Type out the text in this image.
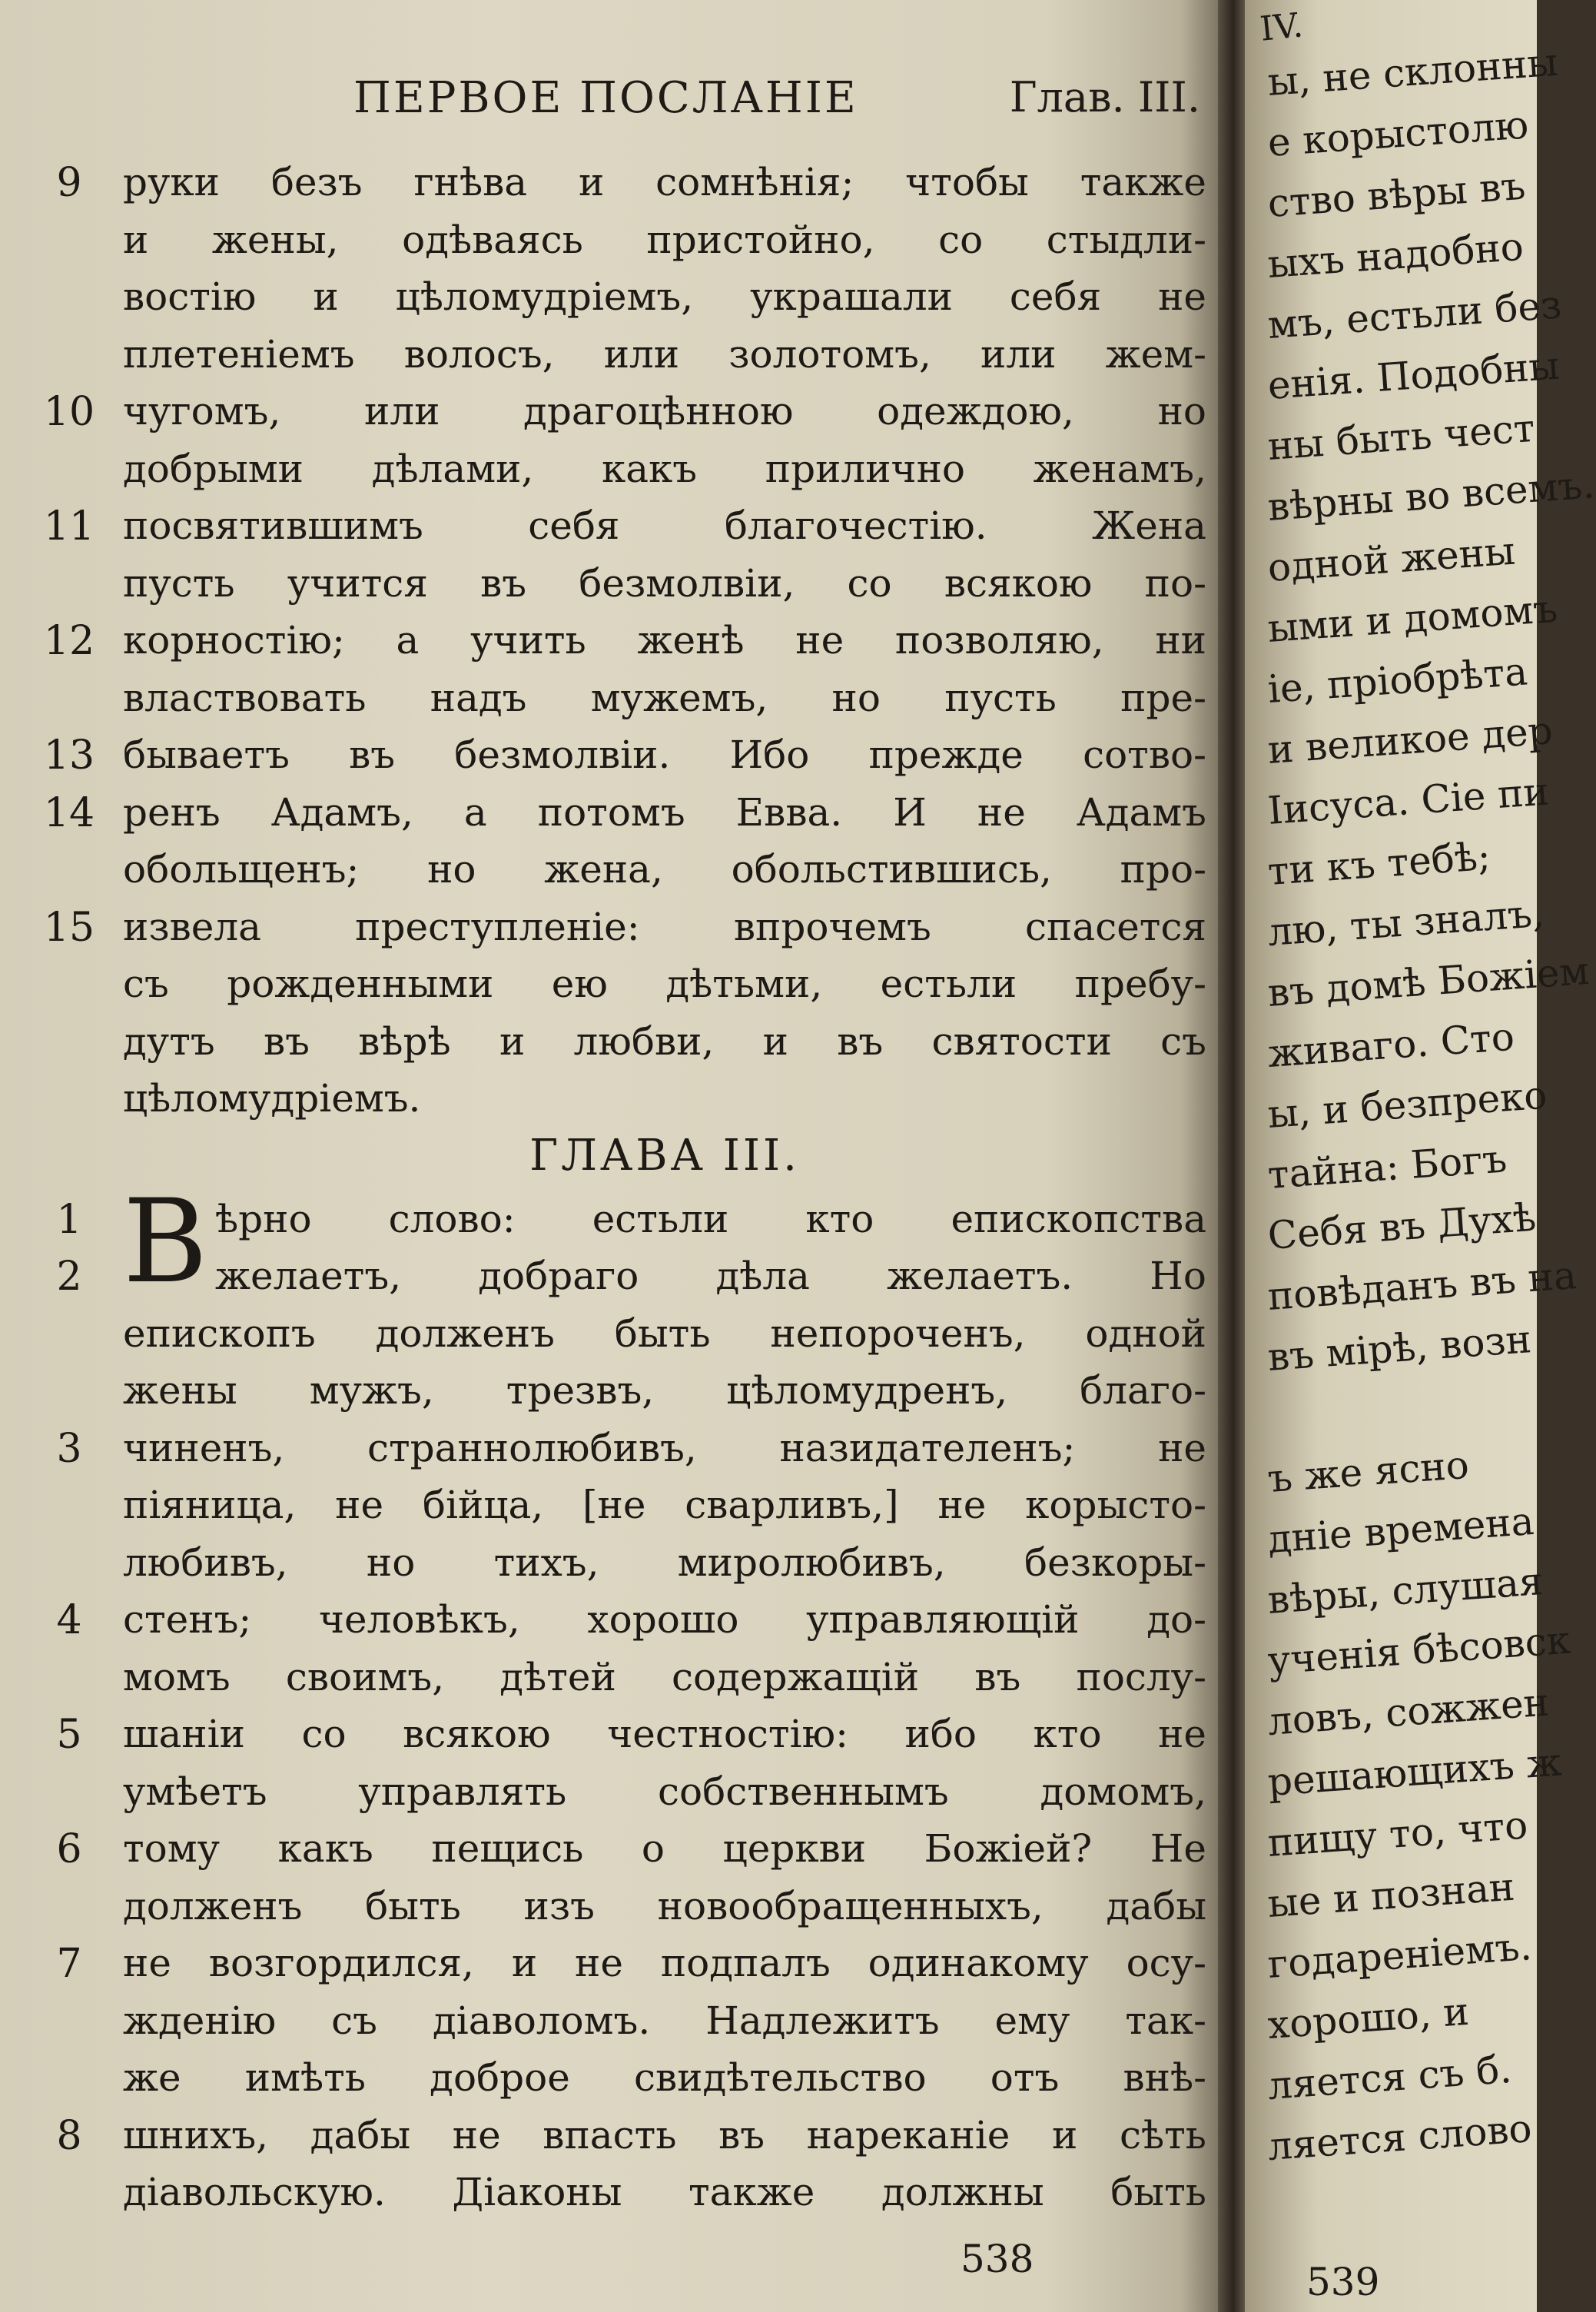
ПЕРВОЕ ПОСЛАНІЕ	Глав. III.
руки безъ гнѣва и сомнѣнія; чтобы также
и жены, одѣваясь пристойно, со стыдли-
востію и цѣломудріемъ, украшали себя не
плетеніемъ волосъ, или золотомъ, или жем-
чугомъ, или драгоцѣнною одеждою, но
добрыми дѣлами, какъ прилично женамъ,
посвятившимъ себя благочестію. Жена
пусть учится въ безмолвіи, со всякою по-
корностію; а учить женѣ не позволяю, ни
властвовать надъ мужемъ, но пусть пре-
бываетъ въ безмолвіи. Ибо прежде сотво-
ренъ Адамъ, а потомъ Евва. И не Адамъ
обольщенъ; но жена, обольстившись, про-
извела преступленіе: впрочемъ спасется
съ рожденными ею дѣтьми, естьли пребу-
дутъ въ вѣрѣ и любви, и въ святости съ
цѣломудріемъ.
9
10
11
12
13
14
15
ѣрно слово: естьли кто епископства
желаетъ, добраго дѣла желаетъ. Но
епископъ долженъ быть непороченъ, одной
жены мужъ, трезвъ, цѣломудренъ, благо-
чиненъ, страннолюбивъ, назидателенъ; не
піяница, не бійца, [не сварливъ,] не корысто-
любивъ, но тихъ, миролюбивъ, безкоры-
стенъ; человѣкъ, хорошо управляющій до-
момъ своимъ, дѣтей содержащій въ послу-
шаніи со всякою честностію: ибо кто не
умѣетъ управлять собственнымъ домомъ,
тому какъ пещись о церкви Божіей? Не
долженъ быть изъ новообращенныхъ, дабы
не возгордился, и не подпалъ одинакому осу-
жденію съ діаволомъ. Надлежитъ ему так-
же имѣть доброе свидѣтельство отъ внѣ-
шнихъ, дабы не впасть въ нареканіе и сѣть
діавольскую. Діаконы также должны быть
1
2
3
4
5
6
7
8
ГЛАВА III.
В
538
IV.
ы, не склонны
е корыстолю
ство вѣры въ
ыхъ надобно
мъ, естьли без
енія. Подобны
ны быть чест
вѣрны во всемъ.
одной жены
ыми и домомъ
ie, пріобрѣта
и великое дер
Іисуса. Сіе пи
ти къ тебѣ;
лю, ты зналъ,
въ домѣ Божіем
живаго. Сто
ы, и безпреко
тайна: Богъ
Себя въ Духѣ
повѣданъ въ на
въ мірѣ, возн
ъ же ясно
дніе времена
вѣры, слушая
ученія бѣсовск
ловъ, сожжен
решающихъ ж
пищу то, что
ые и познан
годареніемъ.
хорошо, и
ляется съ б.
ляется слово
539
